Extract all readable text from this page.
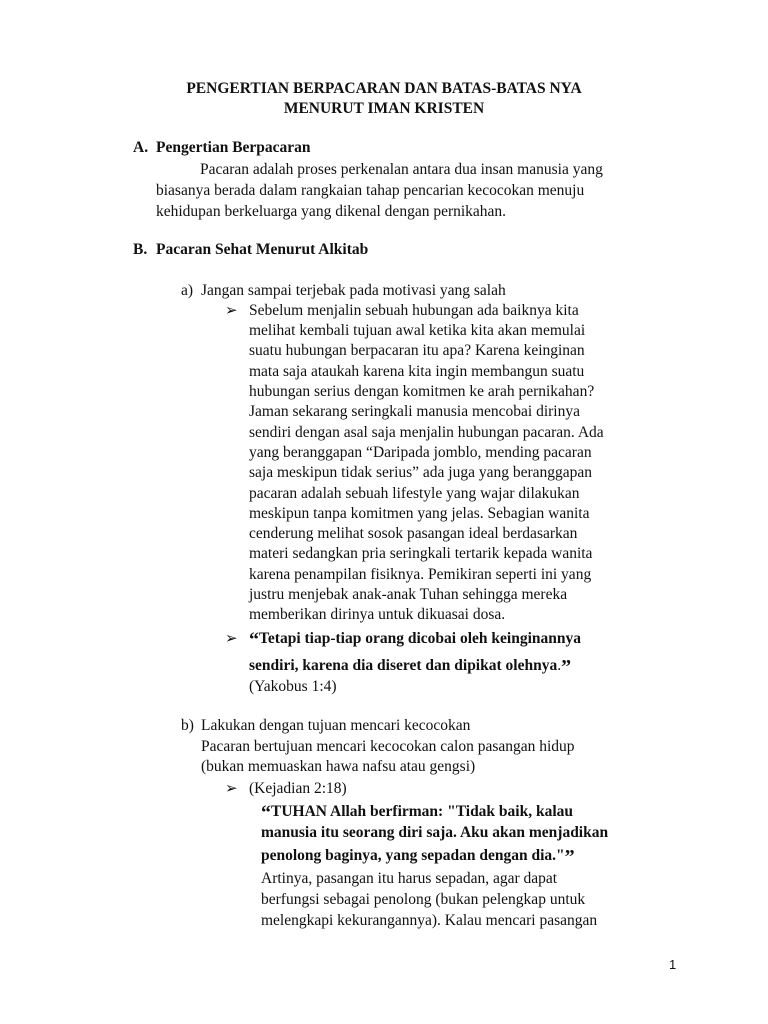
PENGERTIAN BERPACARAN DAN BATAS-BATAS NYA
MENURUT IMAN KRISTEN
A. Pengertian Berpacaran
Pacaran adalah proses perkenalan antara dua insan manusia yang
biasanya berada dalam rangkaian tahap pencarian kecocokan menuju
kehidupan berkeluarga yang dikenal dengan pernikahan.
B. Pacaran Sehat Menurut Alkitab
a) Jangan sampai terjebak pada motivasi yang salah
➢ Sebelum menjalin sebuah hubungan ada baiknya kita
melihat kembali tujuan awal ketika kita akan memulai
suatu hubungan berpacaran itu apa? Karena keinginan
mata saja ataukah karena kita ingin membangun suatu
hubungan serius dengan komitmen ke arah pernikahan?
Jaman sekarang seringkali manusia mencobai dirinya
sendiri dengan asal saja menjalin hubungan pacaran. Ada
yang beranggapan “Daripada jomblo, mending pacaran
saja meskipun tidak serius” ada juga yang beranggapan
pacaran adalah sebuah lifestyle yang wajar dilakukan
meskipun tanpa komitmen yang jelas. Sebagian wanita
cenderung melihat sosok pasangan ideal berdasarkan
materi sedangkan pria seringkali tertarik kepada wanita
karena penampilan fisiknya. Pemikiran seperti ini yang
justru menjebak anak-anak Tuhan sehingga mereka
memberikan dirinya untuk dikuasai dosa.
➢ “Tetapi tiap-tiap orang dicobai oleh keinginannya
sendiri, karena dia diseret dan dipikat olehnya.”
(Yakobus 1:4)
b) Lakukan dengan tujuan mencari kecocokan
Pacaran bertujuan mencari kecocokan calon pasangan hidup
(bukan memuaskan hawa nafsu atau gengsi)
➢ (Kejadian 2:18)
“TUHAN Allah berfirman: "Tidak baik, kalau
manusia itu seorang diri saja. Aku akan menjadikan
penolong baginya, yang sepadan dengan dia."”
Artinya, pasangan itu harus sepadan, agar dapat
berfungsi sebagai penolong (bukan pelengkap untuk
melengkapi kekurangannya). Kalau mencari pasangan
1
